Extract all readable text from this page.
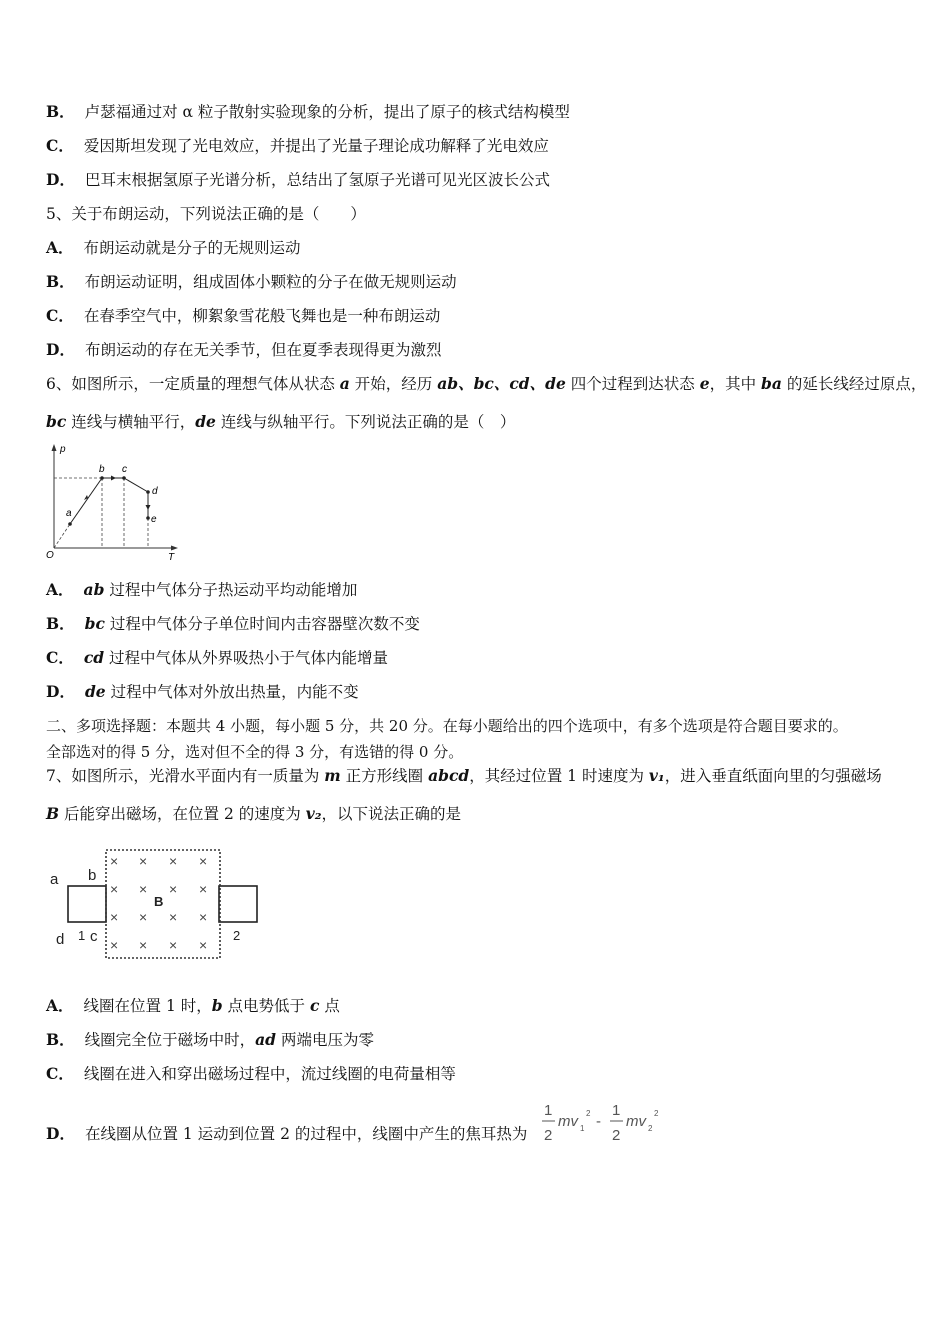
B． 卢瑟福通过对 α 粒子散射实验现象的分析，提出了原子的核式结构模型
C． 爱因斯坦发现了光电效应，并提出了光量子理论成功解释了光电效应
D． 巴耳末根据氢原子光谱分析，总结出了氢原子光谱可见光区波长公式
5、关于布朗运动，下列说法正确的是（　　）
A． 布朗运动就是分子的无规则运动
B． 布朗运动证明，组成固体小颗粒的分子在做无规则运动
C． 在春季空气中，柳絮象雪花般飞舞也是一种布朗运动
D． 布朗运动的存在无关季节，但在夏季表现得更为激烈
6、如图所示，一定质量的理想气体从状态 a 开始，经历 ab、bc、cd、de 四个过程到达状态 e，其中 ba 的延长线经过原点，
bc 连线与横轴平行，de 连线与纵轴平行。下列说法正确的是（　）
p
T
O
a
b c
d
e
A． ab 过程中气体分子热运动平均动能增加
B． bc 过程中气体分子单位时间内击容器壁次数不变
C． cd 过程中气体从外界吸热小于气体内能增量
D． de 过程中气体对外放出热量，内能不变
二、多项选择题：本题共 4 小题，每小题 5 分，共 20 分。在每小题给出的四个选项中，有多个选项是符合题目要求的。
全部选对的得 5 分，选对但不全的得 3 分，有选错的得 0 分。
7、如图所示，光滑水平面内有一质量为 m 正方形线圈 abcd，其经过位置 1 时速度为 v₁，进入垂直纸面向里的匀强磁场
B 后能穿出磁场，在位置 2 的速度为 v₂，以下说法正确的是
× × × ×
× × × ×
× × × ×
× × × ×
B
a b
d 1 c	2
A． 线圈在位置 1 时，b 点电势低于 c 点
B． 线圈完全位于磁场中时，ad 两端电压为零
C． 线圈在进入和穿出磁场过程中，流过线圈的电荷量相等
D． 在线圈从位置 1 运动到位置 2 的过程中，线圈中产生的焦耳热为
1
2
mv 1
2 -
1
2
mv 2
2
